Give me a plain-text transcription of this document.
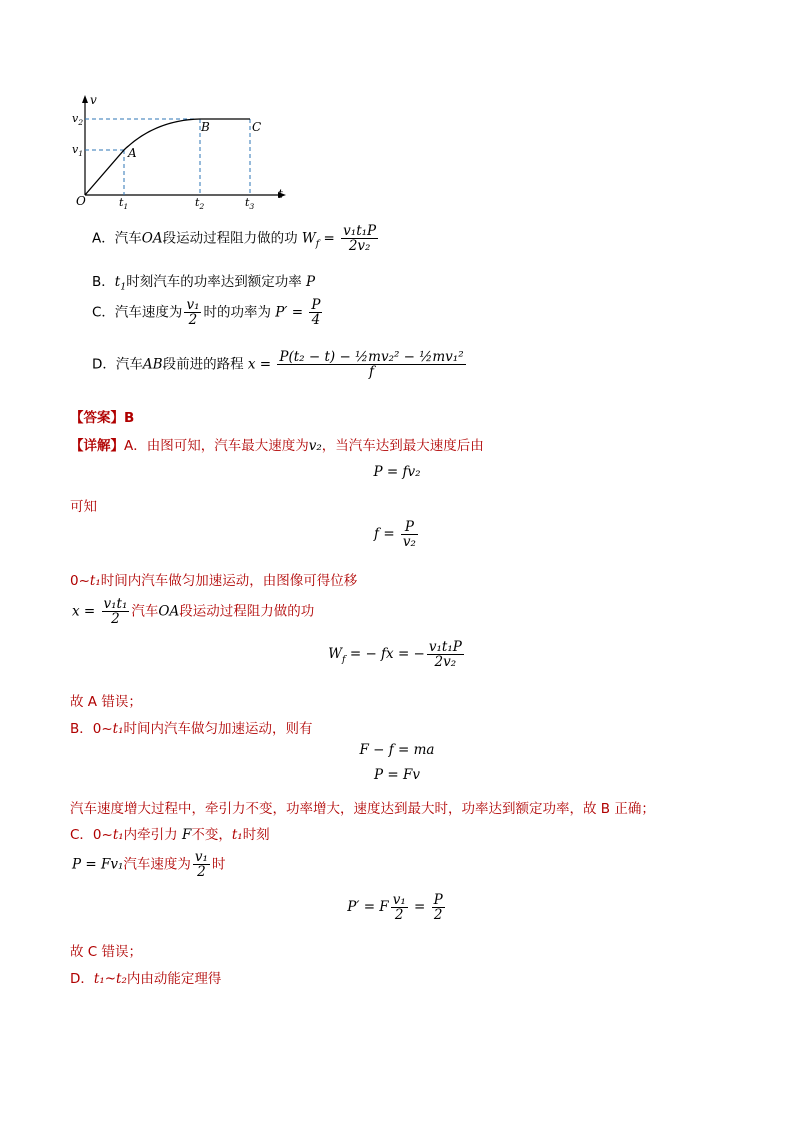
v
$v_2$
$v_1$	A
B	C
O	t
$t_1$	$t_2$	$t_3$
A．汽车OA段运动过程阻力做的功 $W_f = \frac{\text{v₁t₁P}}{\text{2v₂}}$
B．$t_1$时刻汽车的功率达到额定功率 P
C．汽车速度为 $\frac{\text{v₁}}{2}$ 时的功率为 $P' = \frac{P}{4}$
D．汽车AB段前进的路程 $x = \frac{\text{P(t₂ − t) − ½mv₂² − ½mv₁²}}{f}$
【答案】B
【详解】A．由图可知，汽车最大速度为v₂，当汽车达到最大速度后由
P = fv₂
可知
$f = \frac{P}{\text{v₂}}$
0~t₁时间内汽车做匀加速运动，由图像可得位移
$x = \frac{\text{v₁t₁}}{2}$ 汽车OA段运动过程阻力做的功
$W_f$ = − fx = − $\frac{\text{v₁t₁P}}{\text{2v₂}}$
故 A 错误；
B．0~t₁时间内汽车做匀加速运动，则有
F − f = ma
P = Fv
汽车速度增大过程中，牵引力不变，功率增大，速度达到最大时，功率达到额定功率，故 B 正确；
C．0~t₁内牵引力 F不变，t₁时刻
P = Fv₁汽车速度为 $\frac{\text{v₁}}{2}$ 时
P′ = F $\frac{\text{v₁}}{2} = \frac{P}{2}$
故 C 错误；
D．t₁~t₂内由动能定理得
